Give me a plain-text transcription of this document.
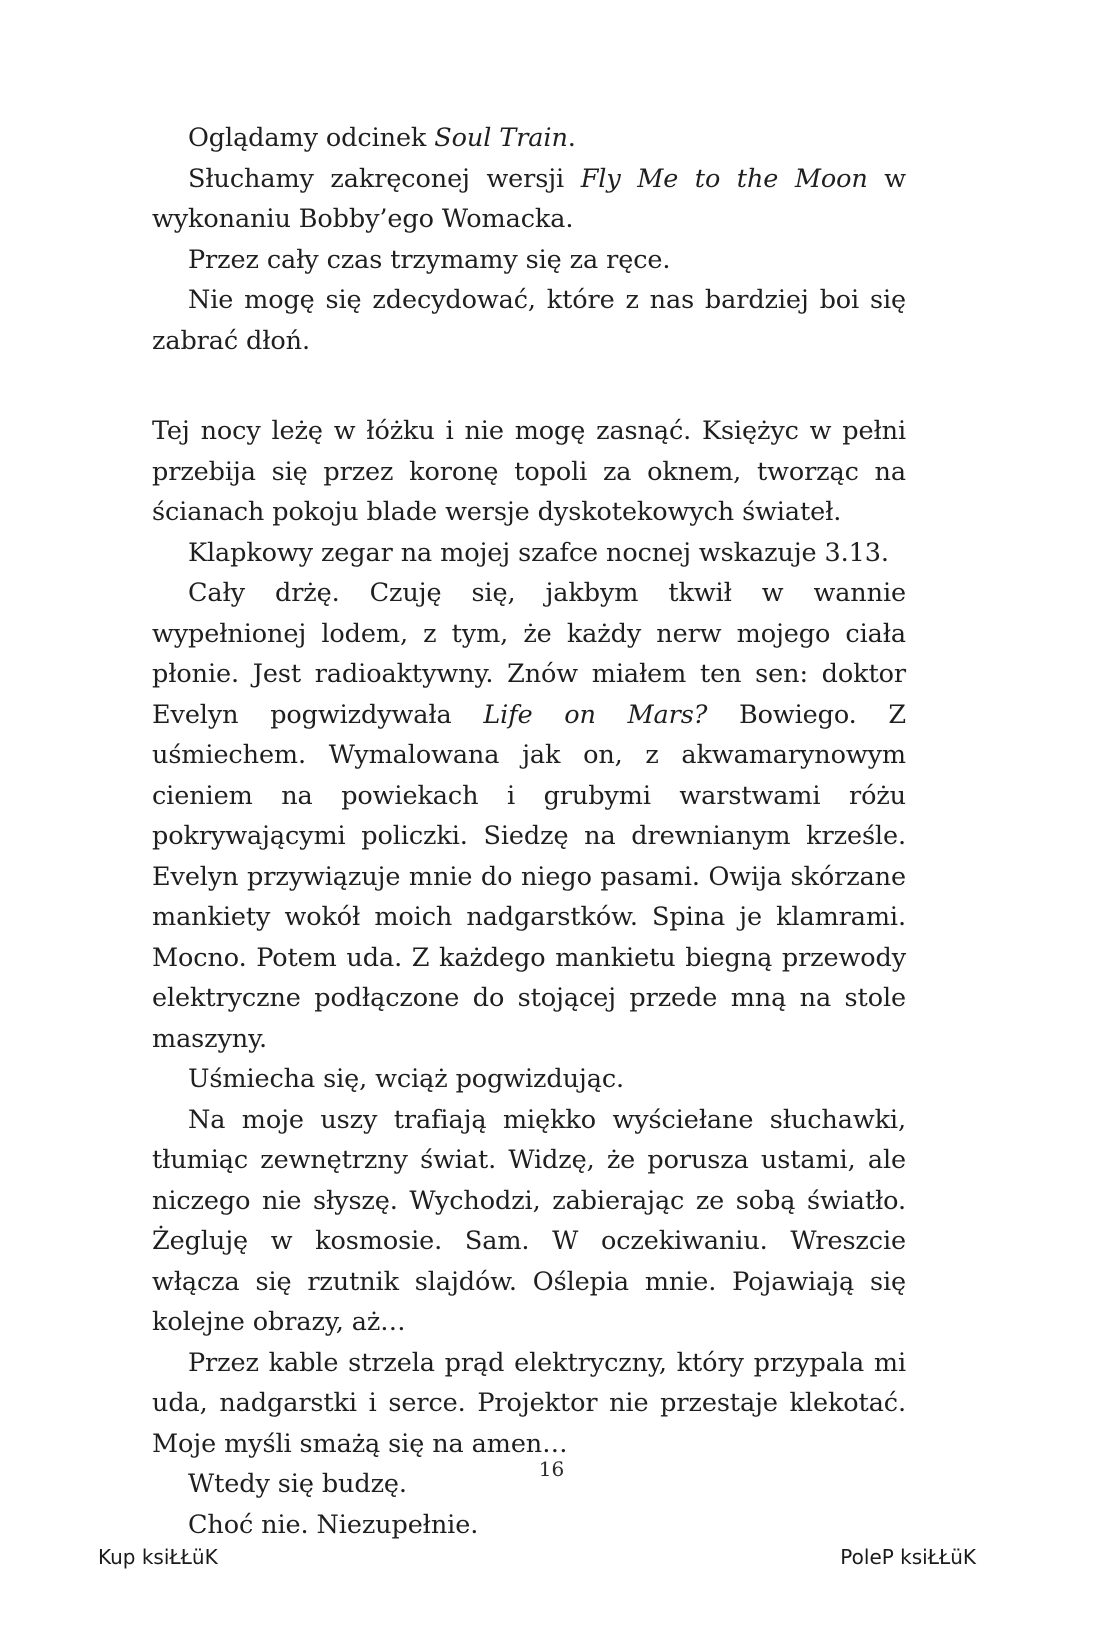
Oglądamy odcinek Soul Train.

Słuchamy zakręconej wersji Fly Me to the Moon w wykonaniu Bobby’ego Womacka.

Przez cały czas trzymamy się za ręce.

Nie mogę się zdecydować, które z nas bardziej boi się zabrać dłoń.

Tej nocy leżę w łóżku i nie mogę zasnąć. Księżyc w pełni przebija się przez koronę topoli za oknem, tworząc na ścianach pokoju blade wersje dyskotekowych świateł.

Klapkowy zegar na mojej szafce nocnej wskazuje 3.13.

Cały drżę. Czuję się, jakbym tkwił w wannie wypełnionej lodem, z tym, że każdy nerw mojego ciała płonie. Jest radioaktywny. Znów miałem ten sen: doktor Evelyn pogwizdywała Life on Mars? Bowiego. Z uśmiechem. Wymalowana jak on, z akwamarynowym cieniem na powiekach i grubymi warstwami różu pokrywającymi policzki. Siedzę na drewnianym krześle. Evelyn przywiązuje mnie do niego pasami. Owija skórzane mankiety wokół moich nadgarstków. Spina je klamrami. Mocno. Potem uda. Z każdego mankietu biegną przewody elektryczne podłączone do stojącej przede mną na stole maszyny.

Uśmiecha się, wciąż pogwizdując.

Na moje uszy trafiają miękko wyściełane słuchawki, tłumiąc zewnętrzny świat. Widzę, że porusza ustami, ale niczego nie słyszę. Wychodzi, zabierając ze sobą światło. Żegluję w kosmosie. Sam. W oczekiwaniu. Wreszcie włącza się rzutnik slajdów. Oślepia mnie. Pojawiają się kolejne obrazy, aż…

Przez kable strzela prąd elektryczny, który przypala mi uda, nadgarstki i serce. Projektor nie przestaje klekotać. Moje myśli smażą się na amen…

Wtedy się budzę.

Choć nie. Niezupełnie.

16
Kup ksiŁŁüK	PoleP ksiŁŁüK
